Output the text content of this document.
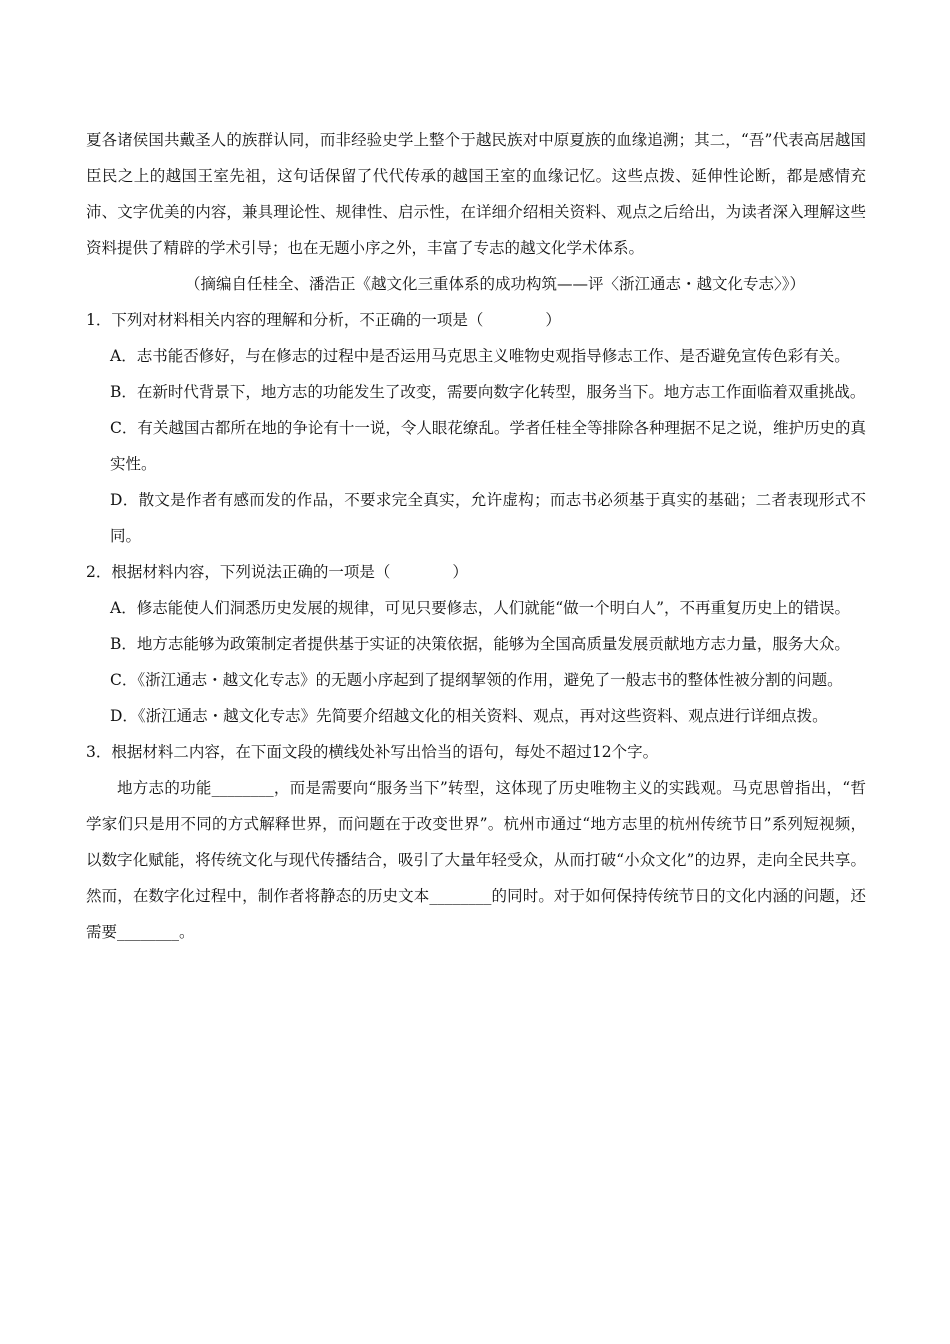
夏各诸侯国共戴圣人的族群认同，而非经验史学上整个于越民族对中原夏族的血缘追溯；其二，“吾”代表高居越国臣民之上的越国王室先祖，这句话保留了代代传承的越国王室的血缘记忆。这些点拨、延伸性论断，都是感情充沛、文字优美的内容，兼具理论性、规律性、启示性，在详细介绍相关资料、观点之后给出，为读者深入理解这些资料提供了精辟的学术引导；也在无题小序之外，丰富了专志的越文化学术体系。

（摘编自任桂全、潘浩正《越文化三重体系的成功构筑——评〈浙江通志・越文化专志〉》）

1．下列对材料相关内容的理解和分析，不正确的一项是（　　　　）

A．志书能否修好，与在修志的过程中是否运用马克思主义唯物史观指导修志工作、是否避免宣传色彩有关。

B．在新时代背景下，地方志的功能发生了改变，需要向数字化转型，服务当下。地方志工作面临着双重挑战。

C．有关越国古都所在地的争论有十一说，令人眼花缭乱。学者任桂全等排除各种理据不足之说，维护历史的真实性。

D．散文是作者有感而发的作品，不要求完全真实，允许虚构；而志书必须基于真实的基础；二者表现形式不同。

2．根据材料内容，下列说法正确的一项是（　　　　）

A．修志能使人们洞悉历史发展的规律，可见只要修志，人们就能“做一个明白人”，不再重复历史上的错误。

B．地方志能够为政策制定者提供基于实证的决策依据，能够为全国高质量发展贡献地方志力量，服务大众。

C．《浙江通志・越文化专志》的无题小序起到了提纲挈领的作用，避免了一般志书的整体性被分割的问题。

D．《浙江通志・越文化专志》先简要介绍越文化的相关资料、观点，再对这些资料、观点进行详细点拨。

3．根据材料二内容，在下面文段的横线处补写出恰当的语句，每处不超过12个字。

地方志的功能________，而是需要向“服务当下”转型，这体现了历史唯物主义的实践观。马克思曾指出，“哲学家们只是用不同的方式解释世界，而问题在于改变世界”。杭州市通过“地方志里的杭州传统节日”系列短视频，以数字化赋能，将传统文化与现代传播结合，吸引了大量年轻受众，从而打破“小众文化”的边界，走向全民共享。然而，在数字化过程中，制作者将静态的历史文本________的同时。对于如何保持传统节日的文化内涵的问题，还需要________。
